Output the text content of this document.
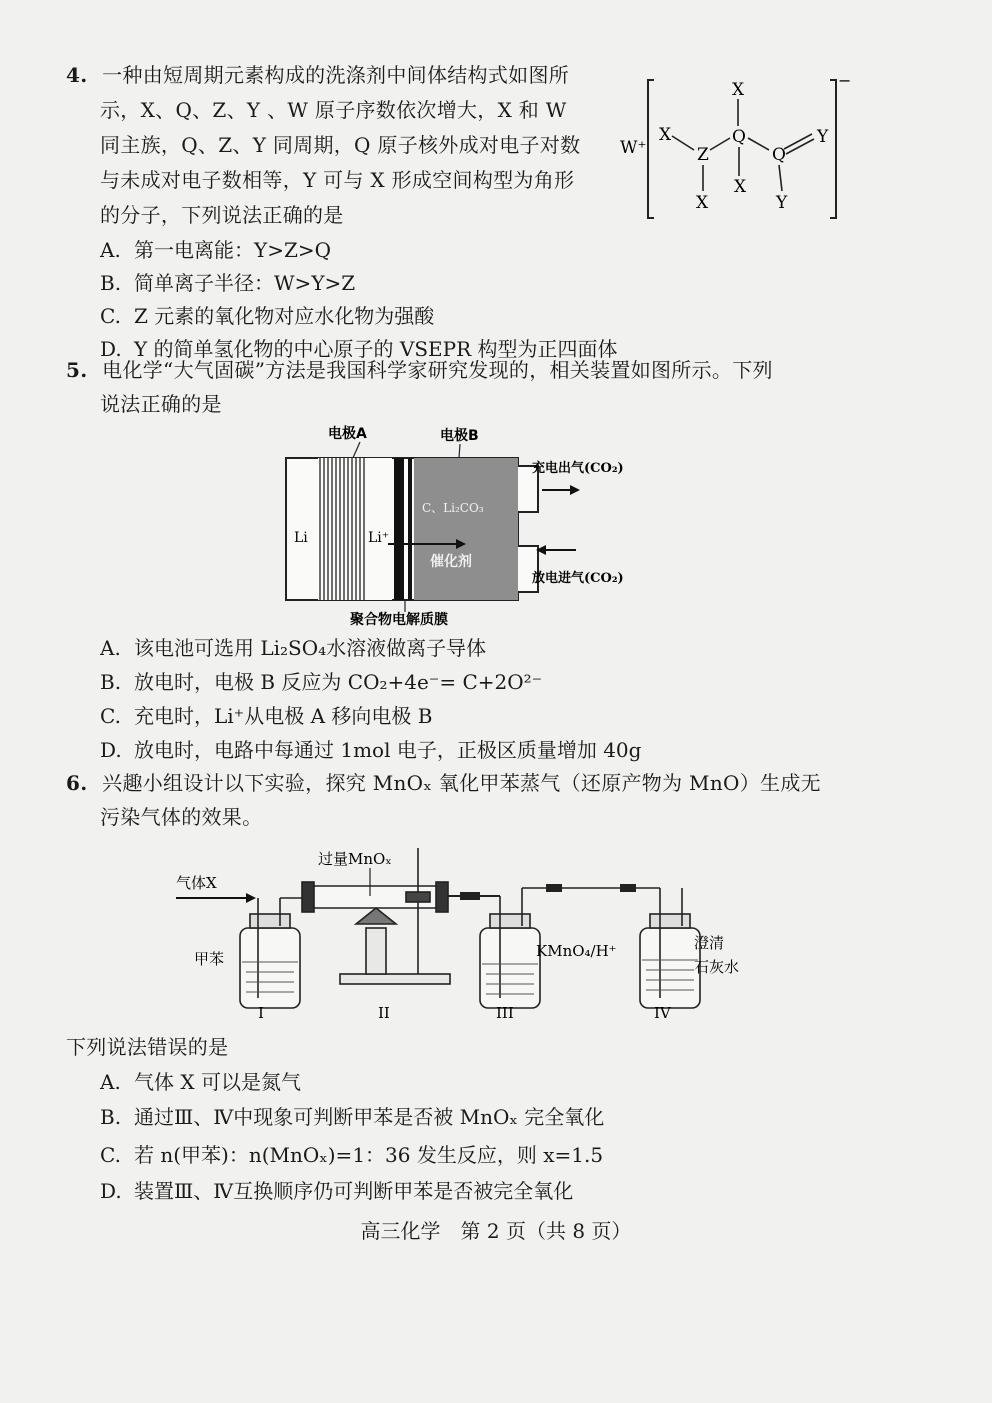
4. 一种由短周期元素构成的洗涤剂中间体结构式如图所
示，X、Q、Z、Y 、W 原子序数依次增大，X 和 W
同主族，Q、Z、Y 同周期，Q 原子核外成对电子对数
与未成对电子数相等，Y 可与 X 形成空间构型为角形
的分子，下列说法正确的是
A. 第一电离能：Y>Z>Q
B. 简单离子半径：W>Y>Z
C. Z 元素的氧化物对应水化物为强酸
D. Y 的简单氢化物的中心原子的 VSEPR 构型为正四面体
W⁺
−
X
X
Z
Q
Q
Y
X
X
Y
5. 电化学“大气固碳”方法是我国科学家研究发现的，相关装置如图所示。下列
说法正确的是
电极A	电极B
Li	Li⁺
C、Li₂CO₃
催化剂
充电出气(CO₂)
放电进气(CO₂)
聚合物电解质膜
A. 该电池可选用 Li₂SO₄水溶液做离子导体
B. 放电时，电极 B 反应为 CO₂+4e⁻= C+2O²⁻
C. 充电时，Li⁺从电极 A 移向电极 B
D. 放电时，电路中每通过 1mol 电子，正极区质量增加 40g
6. 兴趣小组设计以下实验，探究 MnOₓ 氧化甲苯蒸气（还原产物为 MnO）生成无
污染气体的效果。
气体X
甲苯
过量MnOₓ
KMnO₄/H⁺	澄清
石灰水
I	II	III	IV
下列说法错误的是
A. 气体 X 可以是氮气
B. 通过Ⅲ、Ⅳ中现象可判断甲苯是否被 MnOₓ 完全氧化
C. 若 n(甲苯)：n(MnOₓ)=1：36 发生反应，则 x=1.5
D. 装置Ⅲ、Ⅳ互换顺序仍可判断甲苯是否被完全氧化
高三化学　第 2 页（共 8 页）
